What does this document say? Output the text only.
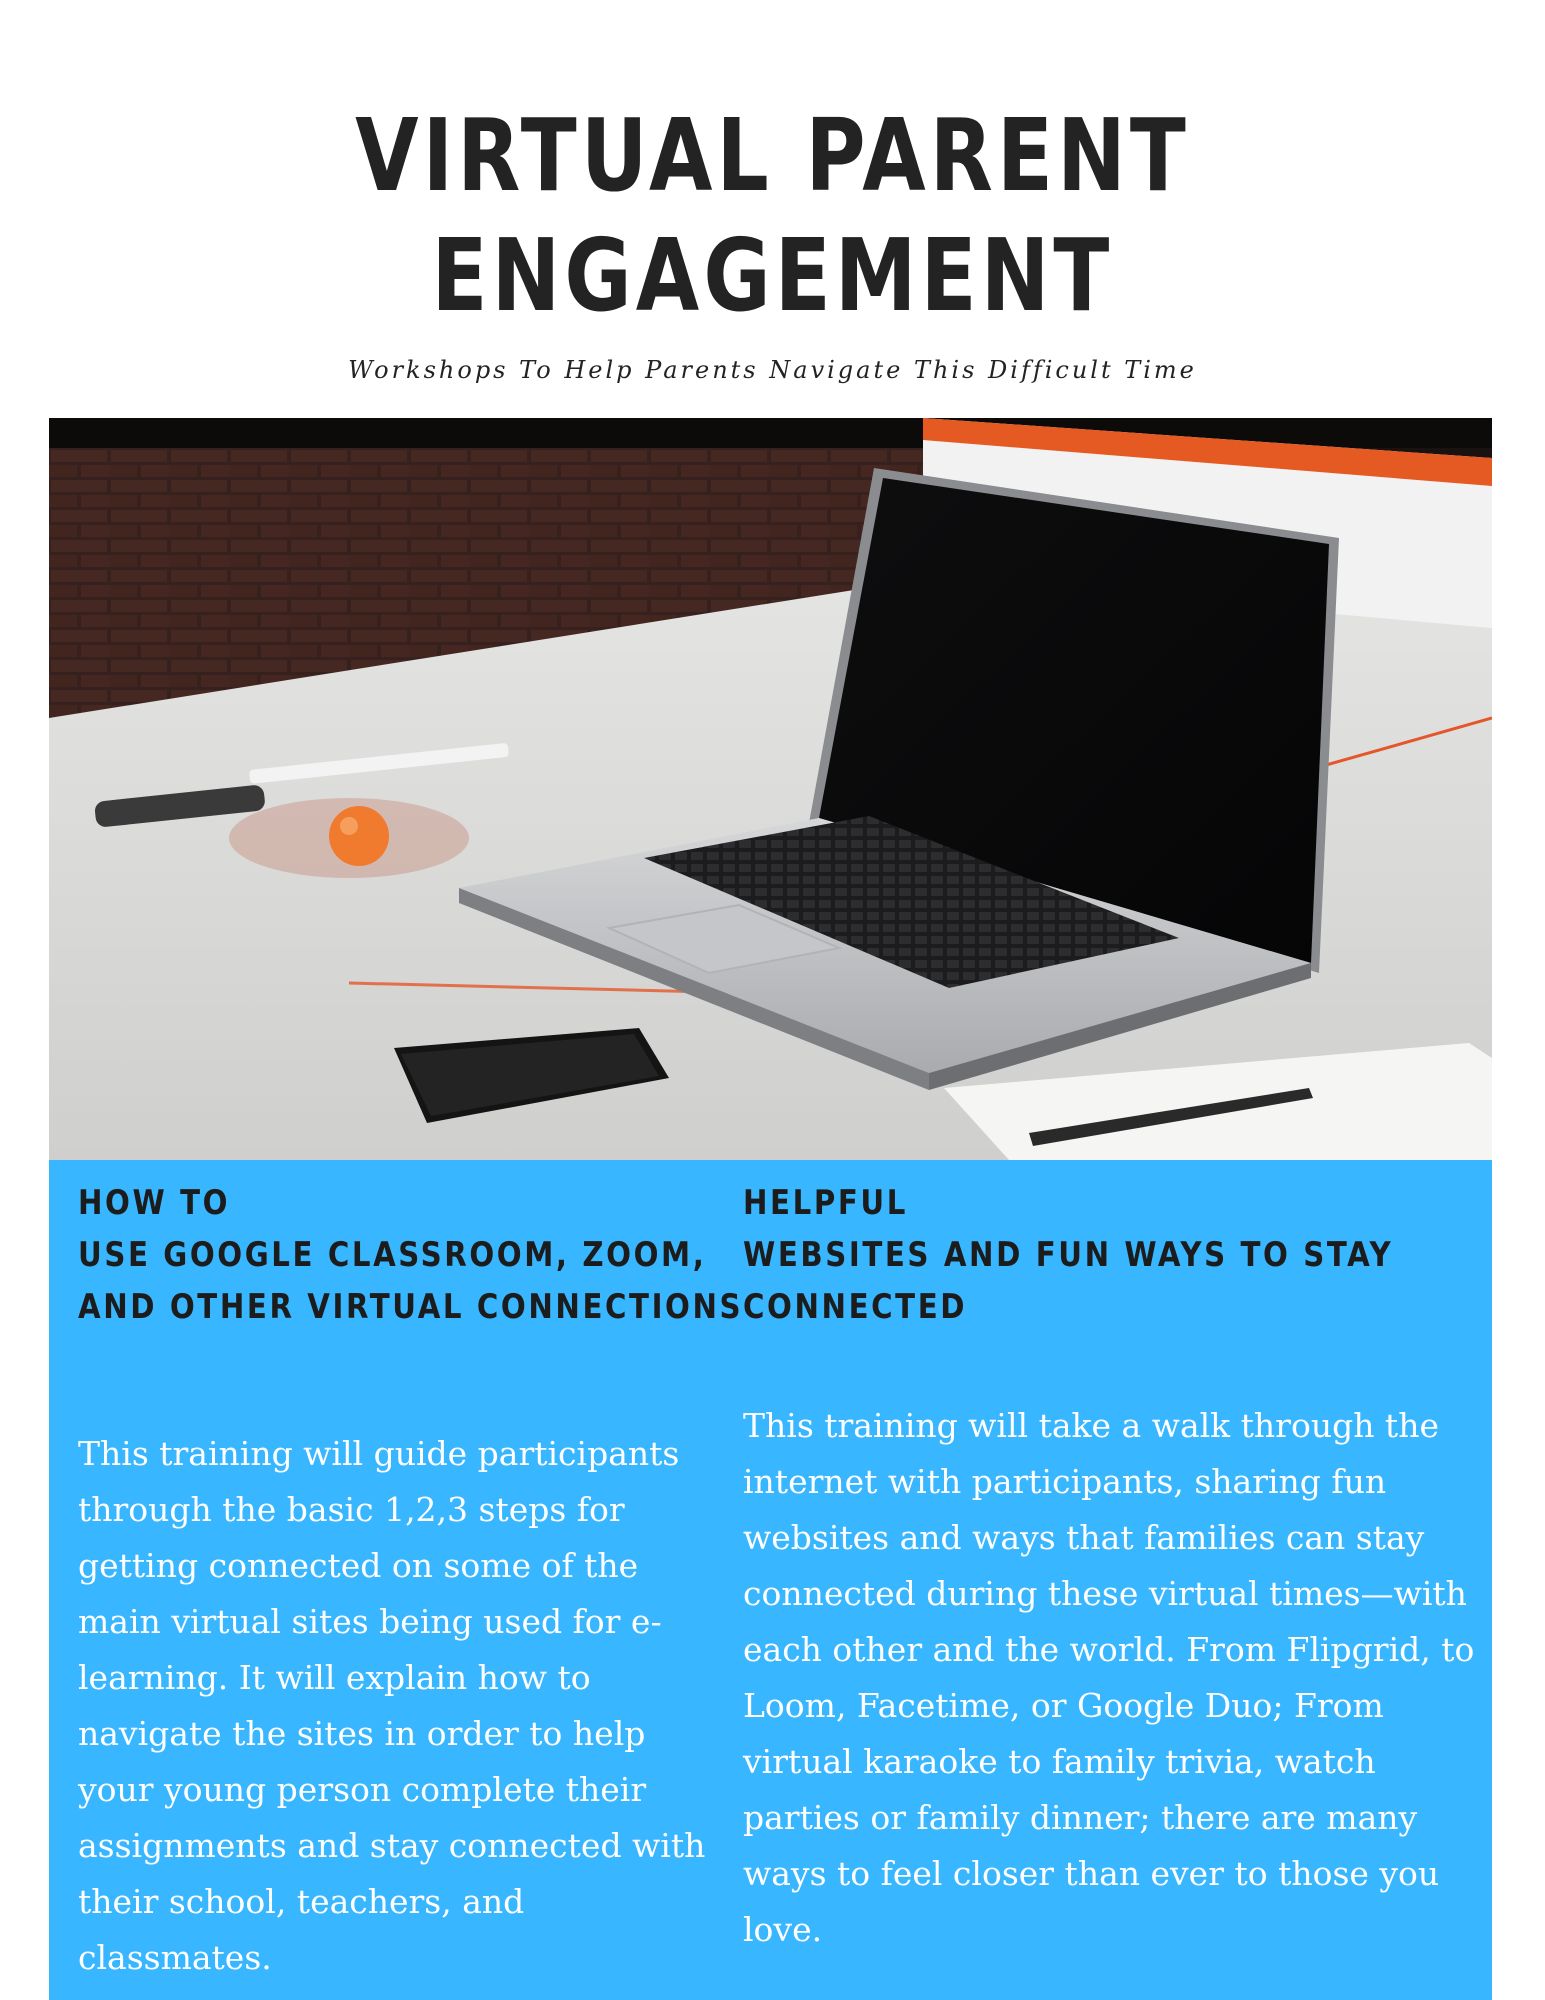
VIRTUAL PARENT
ENGAGEMENT
Workshops To Help Parents Navigate This Difficult Time
HOW TO
USE GOOGLE CLASSROOM, ZOOM,
AND OTHER VIRTUAL CONNECTIONS
HELPFUL
WEBSITES AND FUN WAYS TO STAY
CONNECTED

This training will guide participants through the basic 1,2,3 steps for getting connected on some of the main virtual sites being used for e-learning. It will explain how to navigate the sites in order to help your young person complete their assignments and stay connected with their school, teachers, and classmates.

This training will take a walk through the internet with participants, sharing fun websites and ways that families can stay connected during these virtual times—with each other and the world. From Flipgrid, to Loom, Facetime, or Google Duo; From virtual karaoke to family trivia, watch parties or family dinner; there are many ways to feel closer than ever to those you love.
